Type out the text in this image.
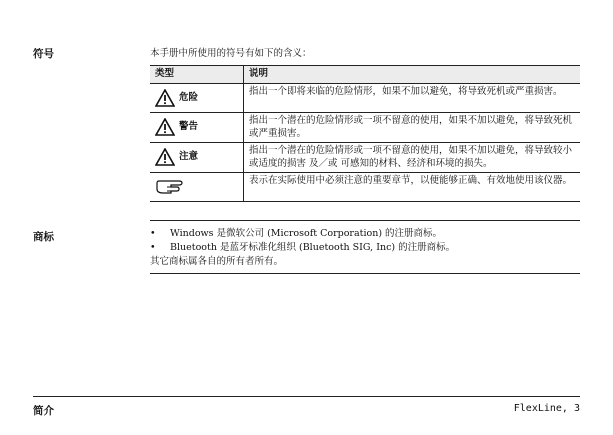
符号	本手册中所使用的符号有如下的含义：
类型	说明

危险	指出一个即将来临的危险情形，如果不加以避免，将导致死机或严重损害。

警告	指出一个潜在的危险情形或一项不留意的使用，如果不加以避免，将导致死机或严重损害。

注意	指出一个潜在的危险情形或一项不留意的使用，如果不加以避免，将导致较小或适度的损害 及／或 可感知的材料、经济和环境的损失。

	表示在实际使用中必须注意的重要章节，以便能够正确、有效地使用该仪器。
商标	•	Windows 是微软公司 (Microsoft Corporation) 的注册商标。
•	Bluetooth 是蓝牙标准化组织 (Bluetooth SIG, Inc) 的注册商标。
其它商标属各自的所有者所有。
简介	FlexLine, 3
